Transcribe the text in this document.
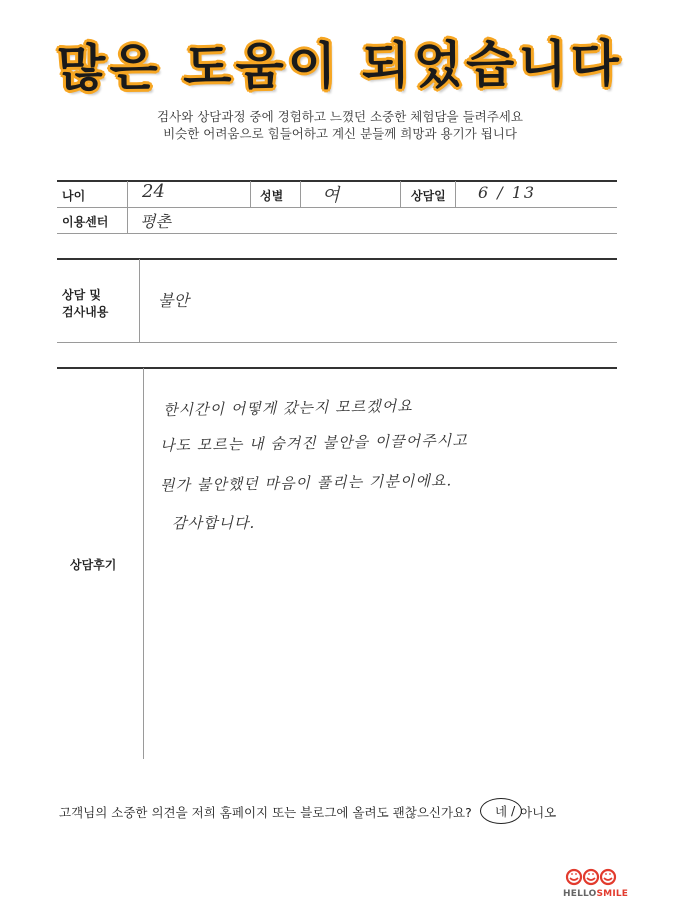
많은 도움이 되었습니다
검사와 상담과정 중에 경험하고 느꼈던 소중한 체험담을 들려주세요
비슷한 어려움으로 힘들어하고 계신 분들께 희망과 용기가 됩니다
나이	24	성별 여	상담일 6 / 13
이용센터 평촌
상담 및
검사내용
불안
상담후기
한시간이 어떻게 갔는지 모르겠어요
나도 모르는 내 숨겨진 불안을 이끌어주시고
뭔가 불안했던 마음이 풀리는 기분이에요.
감사합니다.
고객님의 소중한 의견을 저희 홈페이지 또는 블로그에 올려도 괜찮으신가요?	네 / 아니오
HELLOSMILE
